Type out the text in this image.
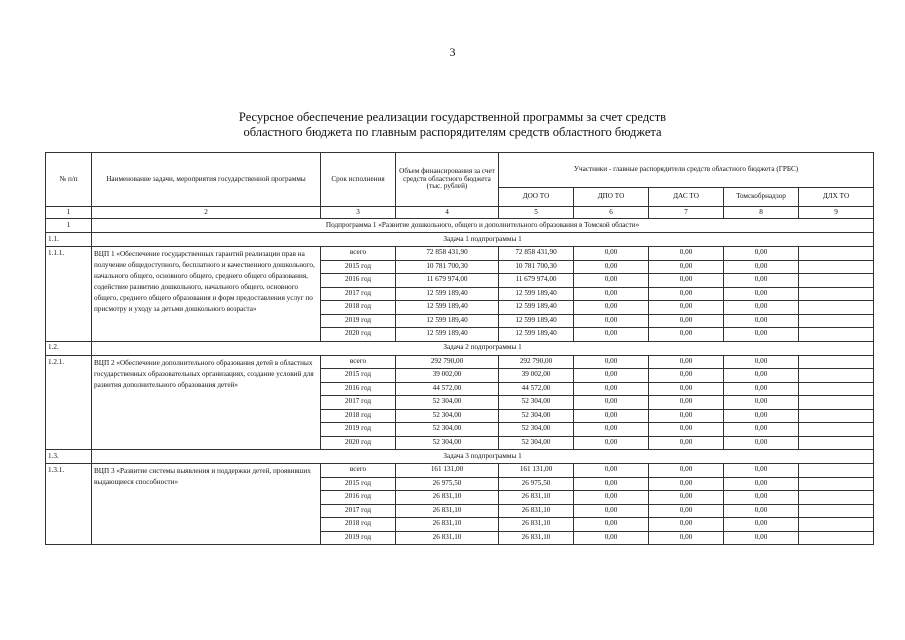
3
Ресурсное обеспечение реализации государственной программы за счет средств
областного бюджета по главным распорядителям средств областного бюджета
№ п/п	Наименование задачи, мероприятия государственной программы	Срок исполнения	Объем финансирования за счет средств областного бюджета (тыс. рублей)	Участники - главные распорядители средств областного бюджета (ГРБС)				
				ДОО ТО	ДПО ТО	ДАС ТО	Томскобрнадзор	ДЛХ ТО
1	2	3	4	5	6	7	8	9
1	Подпрограмма 1 «Развитие дошкольного, общего и дополнительного образования в Томской области»							
1.1.	Задача 1 подпрограммы 1							
1.1.1.	ВЦП 1 «Обеспечение государственных гарантий реализации прав на получение общедоступного, бесплатного и качественного дошкольного, начального общего, основного общего, среднего общего образования, содействие развитию дошкольного, начального общего, основного общего, среднего общего образования и форм предоставления услуг по присмотру и уходу за детьми дошкольного возраста»	всего	72 858 431,90	72 858 431,90	0,00	0,00	0,00	
		2015 год	10 781 700,30	10 781 700,30	0,00	0,00	0,00	
		2016 год	11 679 974,00	11 679 974,00	0,00	0,00	0,00	
		2017 год	12 599 189,40	12 599 189,40	0,00	0,00	0,00	
		2018 год	12 599 189,40	12 599 189,40	0,00	0,00	0,00	
		2019 год	12 599 189,40	12 599 189,40	0,00	0,00	0,00	
		2020 год	12 599 189,40	12 599 189,40	0,00	0,00	0,00	
1.2.	Задача 2 подпрограммы 1							
1.2.1.	ВЦП 2 «Обеспечение дополнительного образования детей в областных государственных образовательных организациях, создание условий для развития дополнительного образования детей»	всего	292 790,00	292 790,00	0,00	0,00	0,00	
		2015 год	39 002,00	39 002,00	0,00	0,00	0,00	
		2016 год	44 572,00	44 572,00	0,00	0,00	0,00	
		2017 год	52 304,00	52 304,00	0,00	0,00	0,00	
		2018 год	52 304,00	52 304,00	0,00	0,00	0,00	
		2019 год	52 304,00	52 304,00	0,00	0,00	0,00	
		2020 год	52 304,00	52 304,00	0,00	0,00	0,00	
1.3.	Задача 3 подпрограммы 1							
1.3.1.	ВЦП 3 «Развитие системы выявления и поддержки детей, проявивших выдающиеся способности»	всего	161 131,00	161 131,00	0,00	0,00	0,00	
		2015 год	26 975,50	26 975,50	0,00	0,00	0,00	
		2016 год	26 831,10	26 831,10	0,00	0,00	0,00	
		2017 год	26 831,10	26 831,10	0,00	0,00	0,00	
		2018 год	26 831,10	26 831,10	0,00	0,00	0,00	
		2019 год	26 831,10	26 831,10	0,00	0,00	0,00	
